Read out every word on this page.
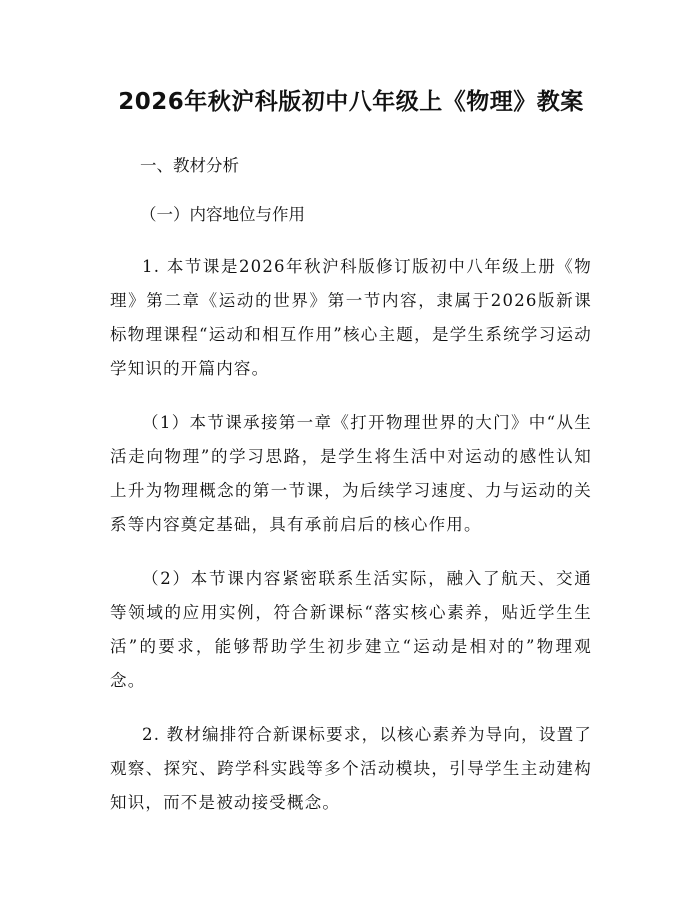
2026年秋沪科版初中八年级上《物理》教案

一、教材分析

（一）内容地位与作用

1. 本节课是2026年秋沪科版修订版初中八年级上册《物理》第二章《运动的世界》第一节内容，隶属于2026版新课标物理课程“运动和相互作用”核心主题，是学生系统学习运动学知识的开篇内容。

（1）本节课承接第一章《打开物理世界的大门》中“从生活走向物理”的学习思路，是学生将生活中对运动的感性认知上升为物理概念的第一节课，为后续学习速度、力与运动的关系等内容奠定基础，具有承前启后的核心作用。

（2）本节课内容紧密联系生活实际，融入了航天、交通等领域的应用实例，符合新课标“落实核心素养，贴近学生生活”的要求，能够帮助学生初步建立“运动是相对的”物理观念。

2. 教材编排符合新课标要求，以核心素养为导向，设置了观察、探究、跨学科实践等多个活动模块，引导学生主动建构知识，而不是被动接受概念。
